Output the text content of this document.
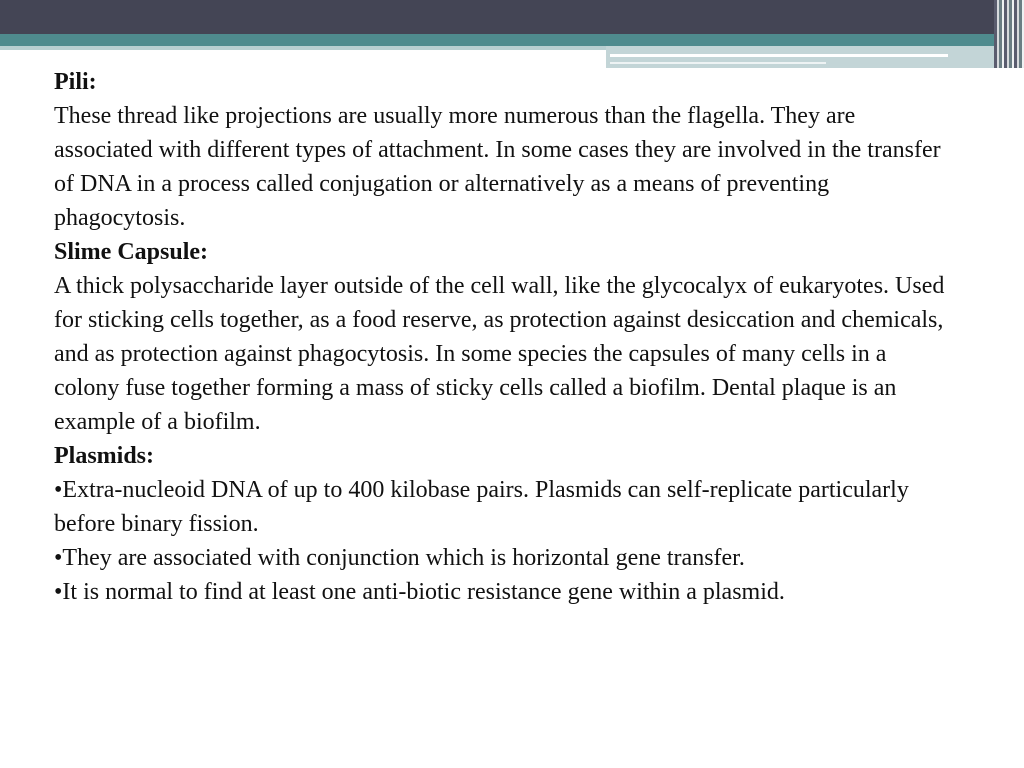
Pili:

These thread like projections are usually more numerous than the flagella. They are associated with different types of attachment. In some cases they are involved in the transfer of DNA in a process called conjugation or alternatively as a means of preventing phagocytosis.

Slime Capsule:

A thick polysaccharide layer outside of the cell wall, like the glycocalyx of eukaryotes. Used for sticking cells together, as a food reserve, as protection against desiccation and chemicals, and as protection against phagocytosis. In some species the capsules of many cells in a colony fuse together forming a mass of sticky cells called a biofilm. Dental plaque is an example of a biofilm.

Plasmids:

•Extra-nucleoid DNA of up to 400 kilobase pairs. Plasmids can self-replicate particularly before binary fission.

•They are associated with conjunction which is horizontal gene transfer.

•It is normal to find at least one anti-biotic resistance gene within a plasmid.
